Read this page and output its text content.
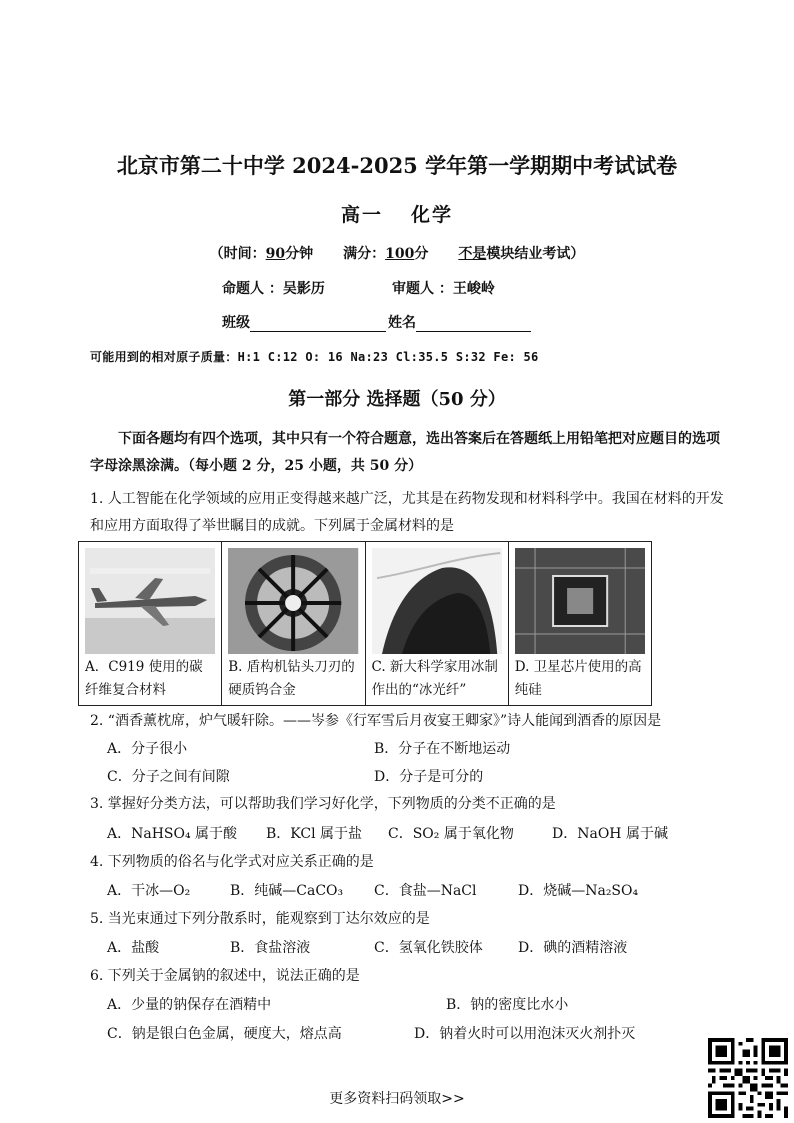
北京市第二十中学 2024-2025 学年第一学期期中考试试卷
高一 化学
（时间：90分钟 满分：100分 不是模块结业考试）
命题人 ：吴影历	审题人 ：王峻岭
班级	姓名
可能用到的相对原子质量：H:1 C:12 O: 16 Na:23 Cl:35.5 S:32 Fe: 56
第一部分 选择题（50 分）
下面各题均有四个选项，其中只有一个符合题意，选出答案后在答题纸上用铅笔把对应题目的选项字母涂黑涂满。（每小题 2 分，25 小题，共 50 分）
1. 人工智能在化学领域的应用正变得越来越广泛，尤其是在药物发现和材料科学中。我国在材料的开发和应用方面取得了举世瞩目的成就。下列属于金属材料的是
A．C919 使用的碳纤维复合材料

B. 盾构机钻头刀刃的硬质钨合金

C. 新大科学家用冰制作出的“冰光纤”

D. 卫星芯片使用的高纯硅
2. “酒香薰枕席，炉气暖轩除。——岑参《行军雪后月夜宴王卿家》”诗人能闻到酒香的原因是
A．分子很小	B．分子在不断地运动
C．分子之间有间隙	D．分子是可分的
3. 掌握好分类方法，可以帮助我们学习好化学，下列物质的分类不正确的是
A．NaHSO₄ 属于酸 B．KCl 属于盐 C．SO₂ 属于氧化物	D．NaOH 属于碱
4. 下列物质的俗名与化学式对应关系正确的是
A．干冰—O₂	B．纯碱—CaCO₃ C．食盐—NaCl	D．烧碱—Na₂SO₄
5. 当光束通过下列分散系时，能观察到丁达尔效应的是
A．盐酸	B．食盐溶液	C．氢氧化铁胶体	D．碘的酒精溶液
6. 下列关于金属钠的叙述中，说法正确的是
A．少量的钠保存在酒精中	B．钠的密度比水小
C．钠是银白色金属，硬度大，熔点高	D．钠着火时可以用泡沫灭火剂扑灭
更多资料扫码领取>>
